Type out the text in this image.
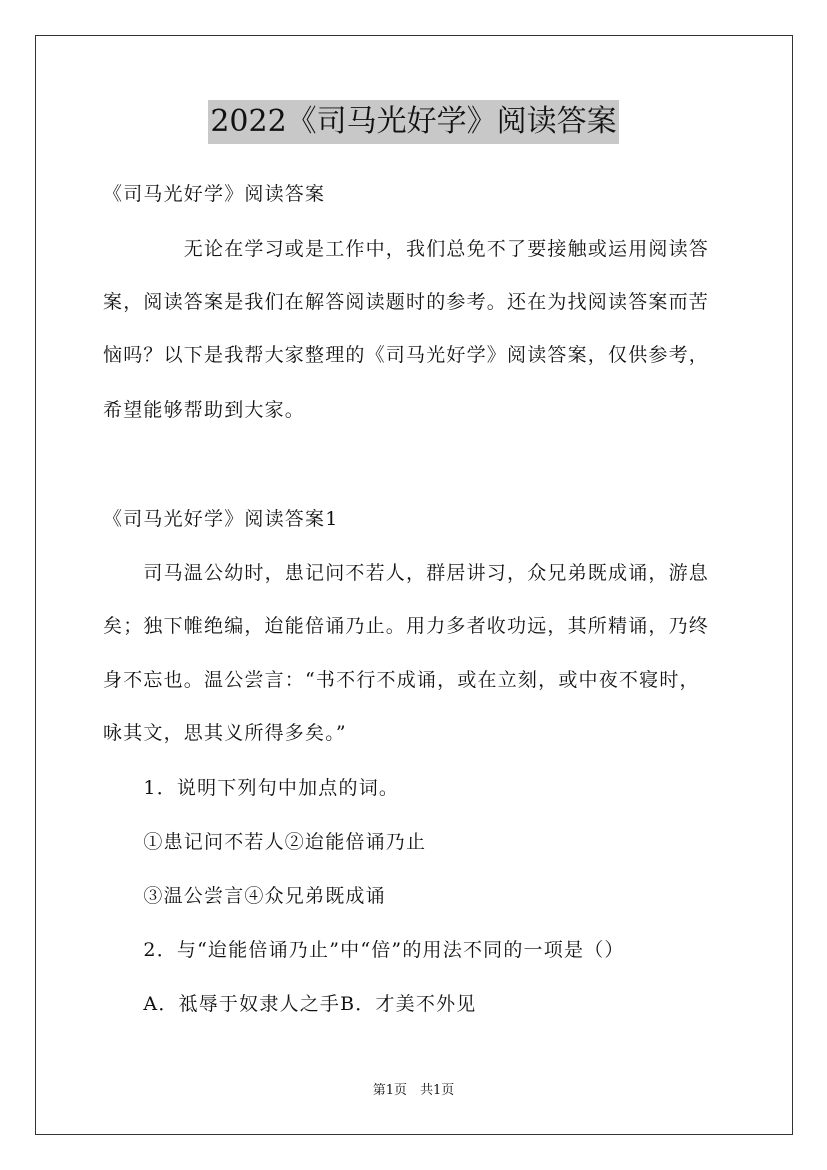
2022《司马光好学》阅读答案
《司马光好学》阅读答案
　　　　无论在学习或是工作中，我们总免不了要接触或运用阅读答
案，阅读答案是我们在解答阅读题时的参考。还在为找阅读答案而苦
恼吗？以下是我帮大家整理的《司马光好学》阅读答案，仅供参考，
希望能够帮助到大家。
《司马光好学》阅读答案1
　　司马温公幼时，患记问不若人，群居讲习，众兄弟既成诵，游息
矣；独下帷绝编，迨能倍诵乃止。用力多者收功远，其所精诵，乃终
身不忘也。温公尝言：“书不行不成诵，或在立刻，或中夜不寝时，
咏其文，思其义所得多矣。”
　　1．说明下列句中加点的词。
　　①患记问不若人②迨能倍诵乃止
　　③温公尝言④众兄弟既成诵
　　2．与“迨能倍诵乃止”中“倍”的用法不同的一项是（）
　　A．祗辱于奴隶人之手B．才美不外见
第1页　共1页
